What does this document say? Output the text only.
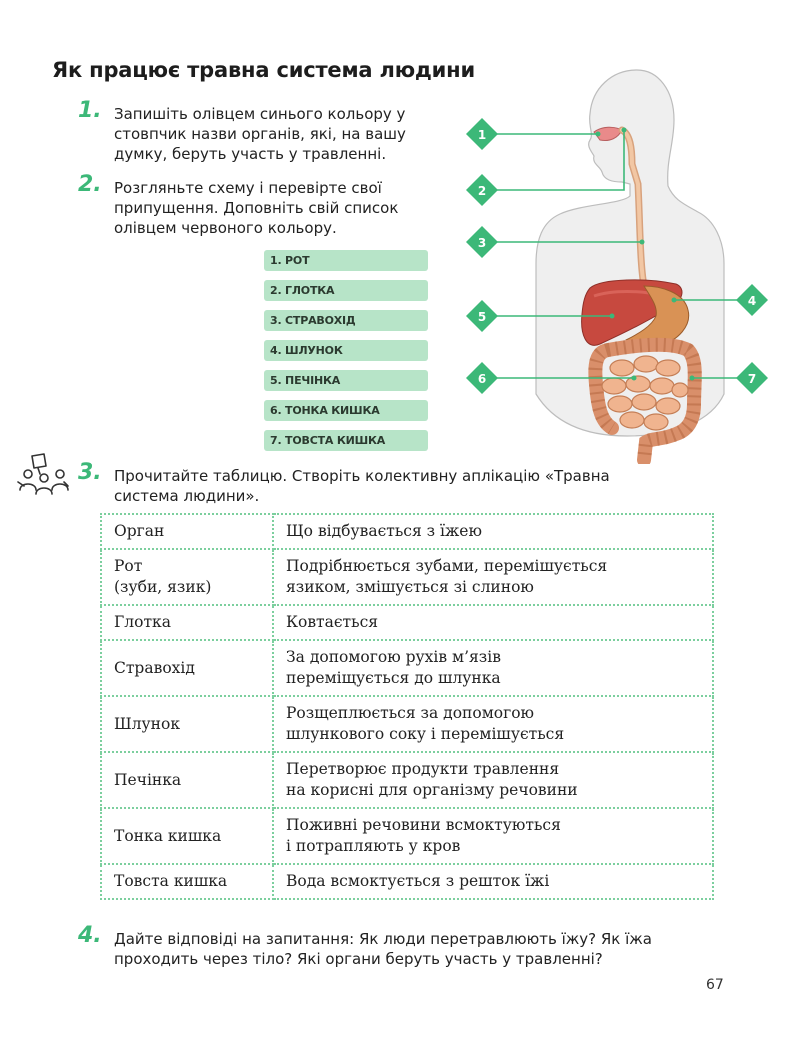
Як працює травна система людини
1. Запишіть олівцем синього кольору у стовпчик назви органів, які, на вашу думку, беруть участь у травленні.
2. Розгляньте схему і перевірте свої припущення. Доповніть свій список олівцем червоного кольору.
1. РОТ
2. ГЛОТКА
3. СТРАВОХІД
4. ШЛУНОК
5. ПЕЧІНКА
6. ТОНКА КИШКА
7. ТОВСТА КИШКА
1
2
3
5
6
4
7
3. Прочитайте таблицю. Створіть колективну аплікацію «Травна система людини».
Орган	Що відбувається з їжею
Рот
(зуби, язик)	Подрібнюється зубами, перемішується
язиком, змішується зі слиною
Глотка	Ковтається
Стравохід	За допомогою рухів м’язів
переміщується до шлунка
Шлунок	Розщеплюється за допомогою
шлункового соку і перемішується
Печінка	Перетворює продукти травлення
на корисні для організму речовини
Тонка кишка	Поживні речовини всмоктуються
і потрапляють у кров
Товста кишка	Вода всмоктується з решток їжі
4. Дайте відповіді на запитання: Як люди перетравлюють їжу? Як їжа проходить через тіло? Які органи беруть участь у травленні?
67
